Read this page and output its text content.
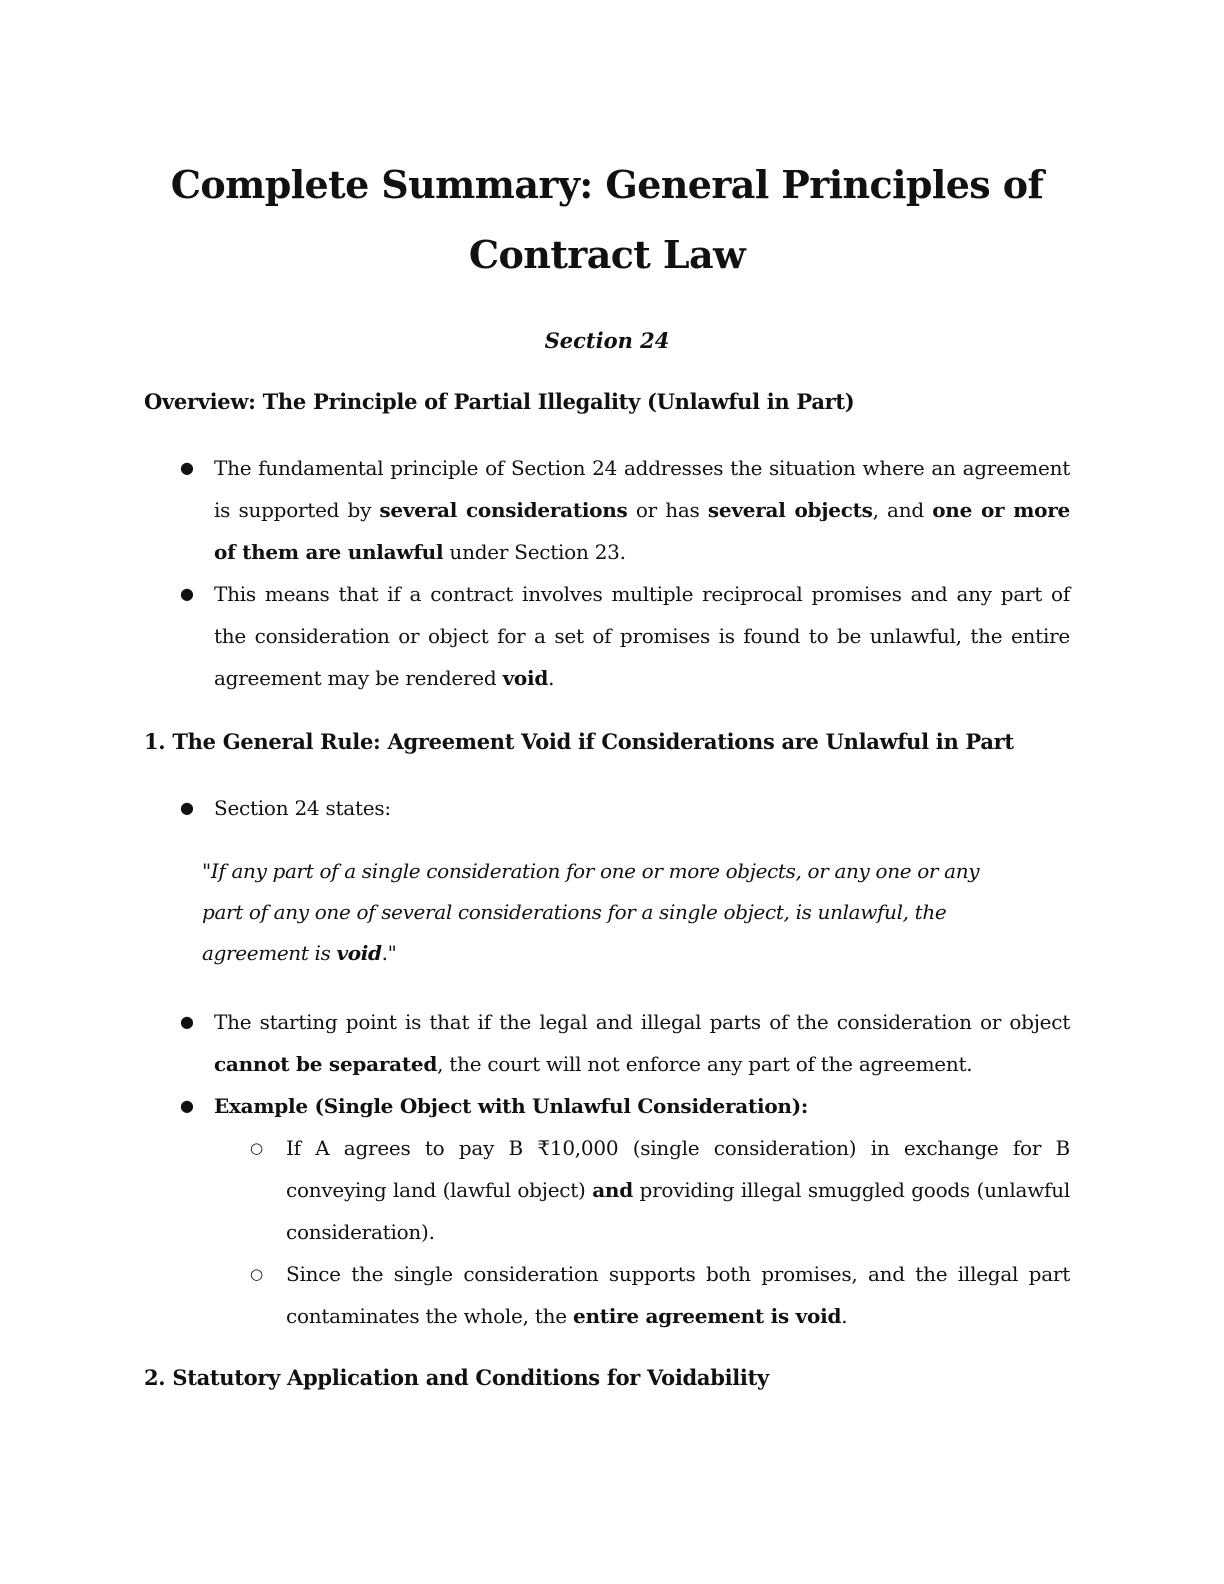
Complete Summary: General Principles of Contract Law
Section 24
Overview: The Principle of Partial Illegality (Unlawful in Part)
● The fundamental principle of Section 24 addresses the situation where an agreement is supported by several considerations or has several objects, and one or more of them are unlawful under Section 23.
● This means that if a contract involves multiple reciprocal promises and any part of the consideration or object for a set of promises is found to be unlawful, the entire agreement may be rendered void.
1. The General Rule: Agreement Void if Considerations are Unlawful in Part
● Section 24 states:
"If any part of a single consideration for one or more objects, or any one or any part of any one of several considerations for a single object, is unlawful, the agreement is void."
● The starting point is that if the legal and illegal parts of the consideration or object cannot be separated, the court will not enforce any part of the agreement.
● Example (Single Object with Unlawful Consideration):
○ If A agrees to pay B ₹10,000 (single consideration) in exchange for B conveying land (lawful object) and providing illegal smuggled goods (unlawful consideration).
○ Since the single consideration supports both promises, and the illegal part contaminates the whole, the entire agreement is void.
2. Statutory Application and Conditions for Voidability
